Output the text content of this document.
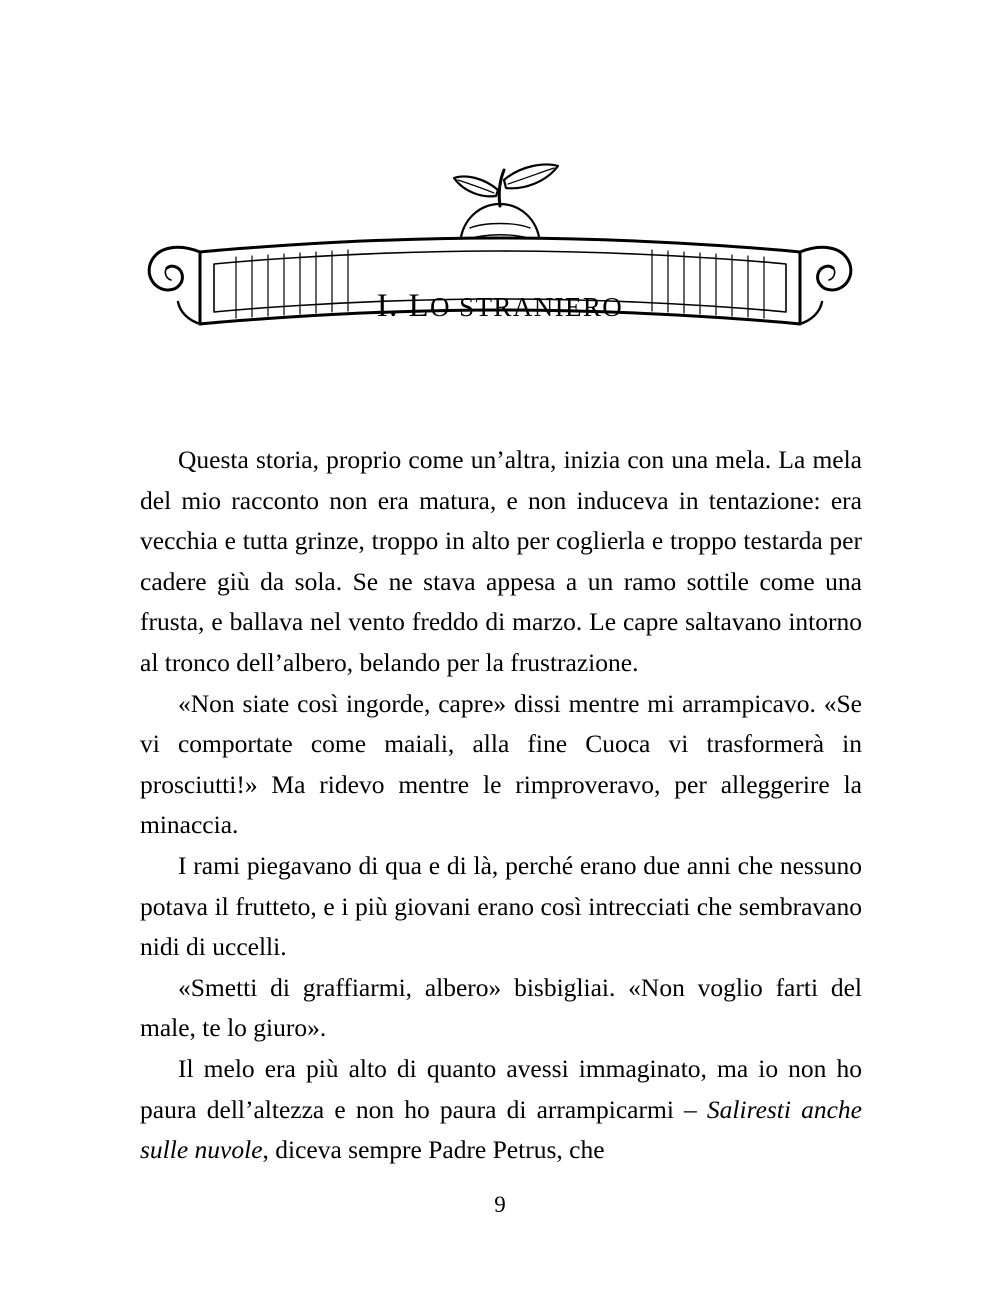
I. LO STRANIERO

Questa storia, proprio come un’altra, inizia con una mela. La mela del mio racconto non era matura, e non induceva in tentazione: era vecchia e tutta grinze, troppo in alto per coglierla e troppo testarda per cadere giù da sola. Se ne stava appesa a un ramo sottile come una frusta, e ballava nel vento freddo di marzo. Le capre saltavano intorno al tronco dell’albero, belando per la frustrazione.

«Non siate così ingorde, capre» dissi mentre mi arrampicavo. «Se vi comportate come maiali, alla fine Cuoca vi trasformerà in prosciutti!» Ma ridevo mentre le rimproveravo, per alleggerire la minaccia.

I rami piegavano di qua e di là, perché erano due anni che nessuno potava il frutteto, e i più giovani erano così intrecciati che sembravano nidi di uccelli.

«Smetti di graffiarmi, albero» bisbigliai. «Non voglio farti del male, te lo giuro».

Il melo era più alto di quanto avessi immaginato, ma io non ho paura dell’altezza e non ho paura di arrampicarmi – Saliresti anche sulle nuvole, diceva sempre Padre Petrus, che

9
